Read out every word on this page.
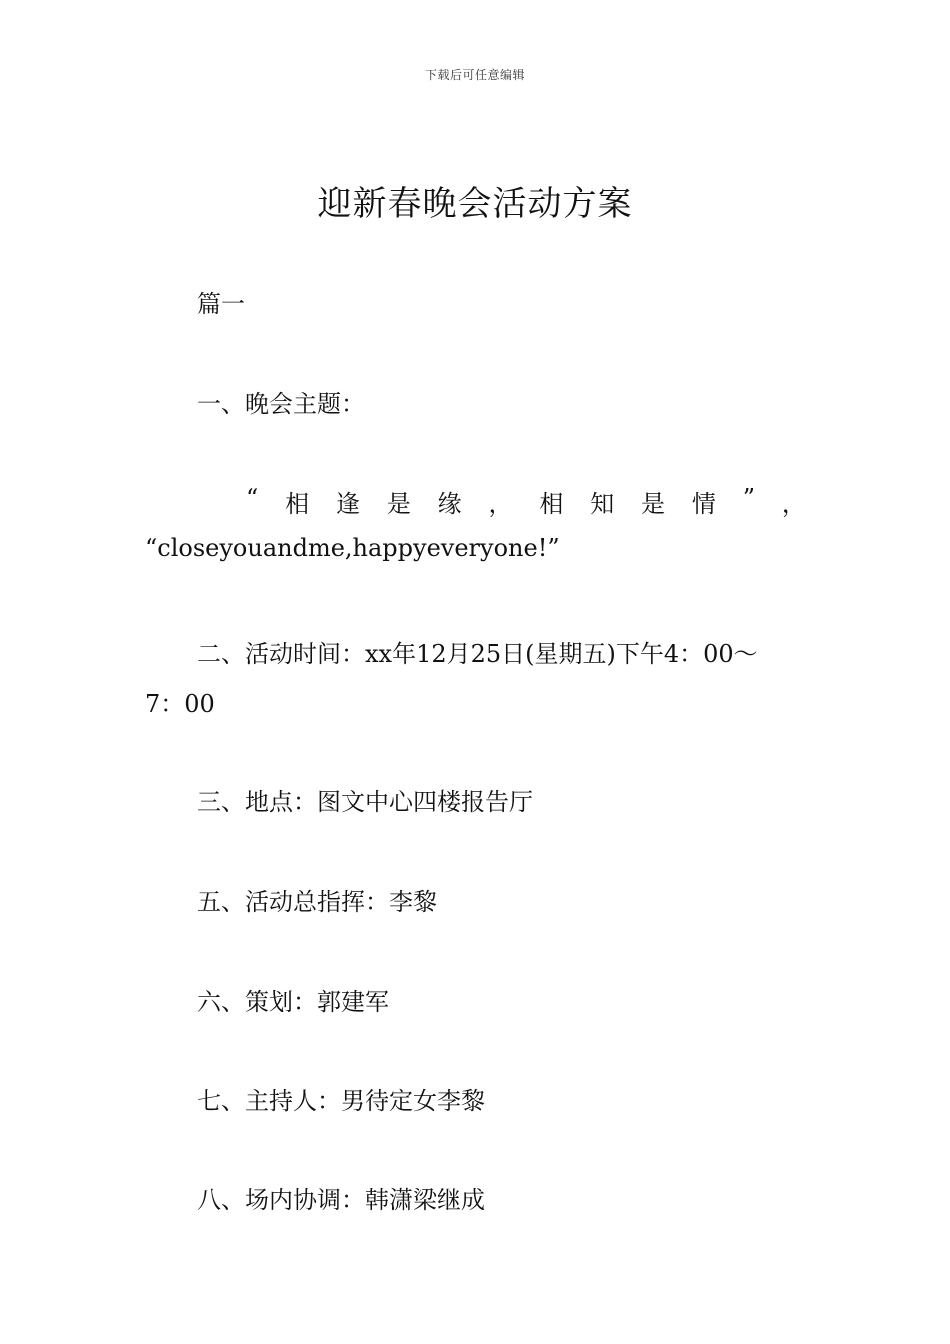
下载后可任意编辑
迎新春晚会活动方案
篇一
一、晚会主题：
“ 相 逢 是 缘 ， 相 知 是 情 ” ，
“closeyouandme,happyeveryone!”
二、活动时间：xx年12月25日(星期五)下午4：00～
7：00
三、地点：图文中心四楼报告厅
五、活动总指挥：李黎
六、策划：郭建军
七、主持人：男待定女李黎
八、场内协调：韩潇梁继成
